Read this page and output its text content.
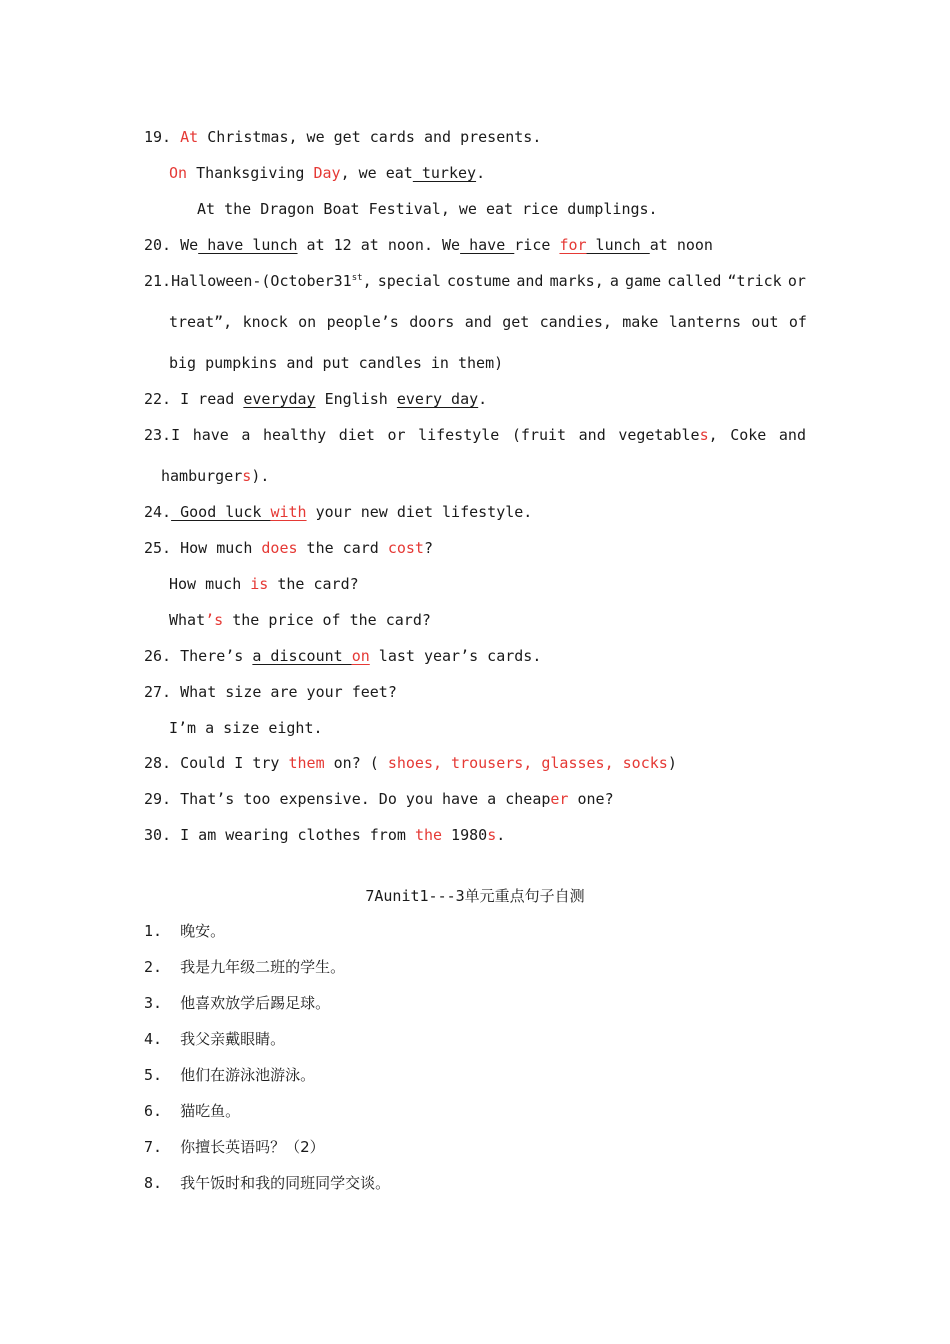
19. At Christmas, we get cards and presents.
On Thanksgiving Day, we eat turkey.
At the Dragon Boat Festival, we eat rice dumplings.
20. We have lunch at 12 at noon. We have rice for lunch at noon
21.Halloween-(October31st, special costume and marks, a game called “trick or
treat”, knock on people’s doors and get candies, make lanterns out of
big pumpkins and put candles in them)
22. I read everyday English every day.
23.I have a healthy diet or lifestyle (fruit and vegetables, Coke and
hamburgers).
24. Good luck with your new diet lifestyle.
25. How much does the card cost?
How much is the card?
What’s the price of the card?
26. There’s a discount on last year’s cards.
27. What size are your feet?
I’m a size eight.
28. Could I try them on? ( shoes, trousers, glasses, socks)
29. That’s too expensive. Do you have a cheaper one?
30. I am wearing clothes from the 1980s.
7Aunit1---3单元重点句子自测
1. 晚安。
2. 我是九年级二班的学生。
3. 他喜欢放学后踢足球。
4. 我父亲戴眼睛。
5. 他们在游泳池游泳。
6. 猫吃鱼。
7. 你擅长英语吗？（2）
8. 我午饭时和我的同班同学交谈。
